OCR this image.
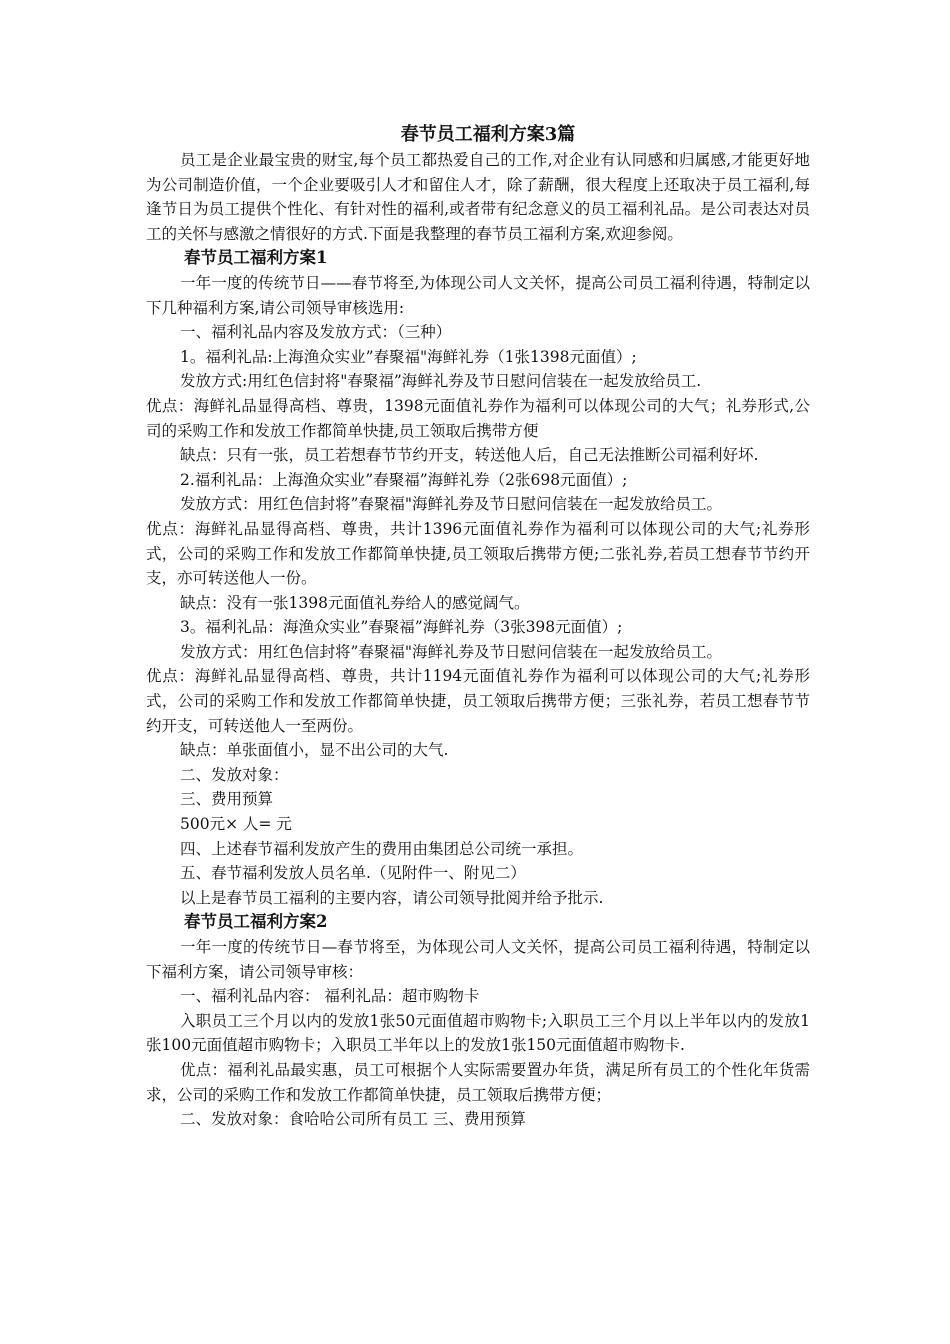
春节员工福利方案3篇

员工是企业最宝贵的财宝,每个员工都热爱自己的工作,对企业有认同感和归属感,才能更好地为公司制造价值，一个企业要吸引人才和留住人才，除了薪酬，很大程度上还取决于员工福利,每逢节日为员工提供个性化、有针对性的福利,或者带有纪念意义的员工福利礼品。是公司表达对员工的关怀与感激之情很好的方式.下面是我整理的春节员工福利方案,欢迎参阅。

春节员工福利方案1

一年一度的传统节日——春节将至,为体现公司人文关怀，提高公司员工福利待遇，特制定以下几种福利方案,请公司领导审核选用:

一、福利礼品内容及发放方式：（三种）

1。福利礼品:上海渔众实业”春聚福"海鲜礼券（1张1398元面值）;

发放方式:用红色信封将"春聚福”海鲜礼券及节日慰问信装在一起发放给员工.

优点：海鲜礼品显得高档、尊贵，1398元面值礼券作为福利可以体现公司的大气；礼券形式,公司的采购工作和发放工作都简单快捷,员工领取后携带方便

缺点：只有一张，员工若想春节节约开支，转送他人后，自己无法推断公司福利好坏.

2.福利礼品：上海渔众实业”春聚福”海鲜礼券（2张698元面值）;

发放方式：用红色信封将”春聚福"海鲜礼券及节日慰问信装在一起发放给员工。

优点：海鲜礼品显得高档、尊贵，共计1396元面值礼券作为福利可以体现公司的大气;礼券形式，公司的采购工作和发放工作都简单快捷,员工领取后携带方便;二张礼券,若员工想春节节约开支，亦可转送他人一份。

缺点：没有一张1398元面值礼券给人的感觉阔气。

3。福利礼品：海渔众实业”春聚福”海鲜礼券（3张398元面值）;

发放方式：用红色信封将”春聚福"海鲜礼券及节日慰问信装在一起发放给员工。

优点：海鲜礼品显得高档、尊贵，共计1194元面值礼券作为福利可以体现公司的大气;礼券形式，公司的采购工作和发放工作都简单快捷，员工领取后携带方便；三张礼券，若员工想春节节约开支，可转送他人一至两份。

缺点：单张面值小，显不出公司的大气.

二、发放对象：

三、费用预算

500元× 人= 元

四、上述春节福利发放产生的费用由集团总公司统一承担。

五、春节福利发放人员名单.（见附件一、附见二）

以上是春节员工福利的主要内容，请公司领导批阅并给予批示.

春节员工福利方案2

一年一度的传统节日—春节将至，为体现公司人文关怀，提高公司员工福利待遇，特制定以下福利方案，请公司领导审核：

一、福利礼品内容： 福利礼品：超市购物卡

入职员工三个月以内的发放1张50元面值超市购物卡;入职员工三个月以上半年以内的发放1张100元面值超市购物卡；入职员工半年以上的发放1张150元面值超市购物卡.

优点：福利礼品最实惠，员工可根据个人实际需要置办年货，满足所有员工的个性化年货需求，公司的采购工作和发放工作都简单快捷，员工领取后携带方便；

二、发放对象：食哈哈公司所有员工 三、费用预算
